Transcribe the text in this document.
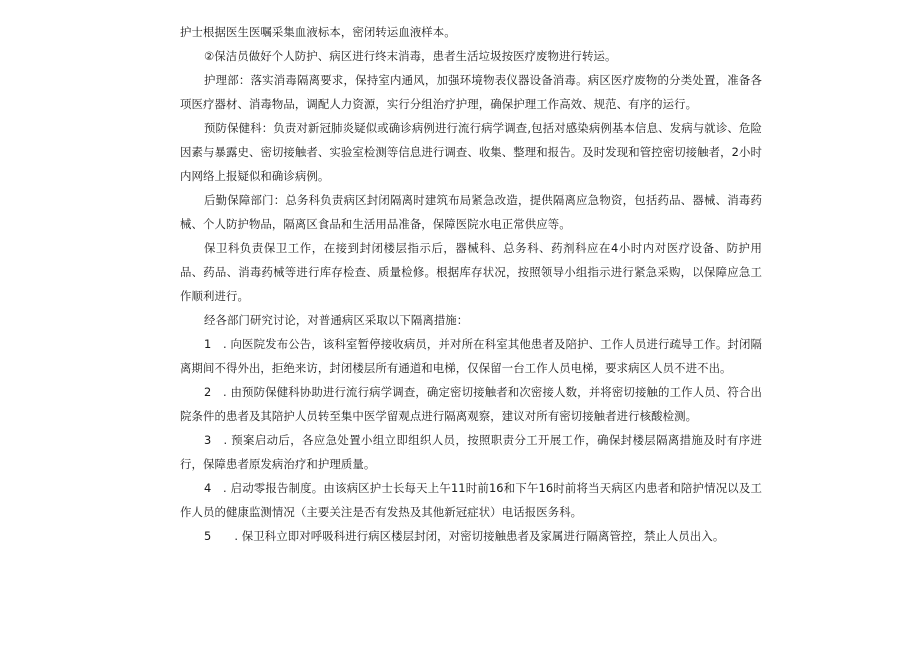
护士根据医生医嘱采集血液标本，密闭转运血液样本。

②保洁员做好个人防护、病区进行终末消毒，患者生活垃圾按医疗废物进行转运。

护理部：落实消毒隔离要求，保持室内通风，加强环境物表仪器设备消毒。病区医疗废物的分类处置，准备各项医疗器材、消毒物品，调配人力资源，实行分组治疗护理，确保护理工作高效、规范、有序的运行。

预防保健科：负责对新冠肺炎疑似或确诊病例进行流行病学调查,包括对感染病例基本信息、发病与就诊、危险因素与暴露史、密切接触者、实验室检测等信息进行调查、收集、整理和报告。及时发现和管控密切接触者，2小时内网络上报疑似和确诊病例。

后勤保障部门：总务科负责病区封闭隔离时建筑布局紧急改造，提供隔离应急物资，包括药品、器械、消毒药械、个人防护物品，隔离区食品和生活用品准备，保障医院水电正常供应等。

保卫科负责保卫工作，在接到封闭楼层指示后，器械科、总务科、药剂科应在4小时内对医疗设备、防护用品、药品、消毒药械等进行库存检查、质量检修。根据库存状况，按照领导小组指示进行紧急采购，以保障应急工作顺利进行。

经各部门研究讨论，对普通病区采取以下隔离措施：

1　. 向医院发布公告，该科室暂停接收病员，并对所在科室其他患者及陪护、工作人员进行疏导工作。封闭隔离期间不得外出，拒绝来访，封闭楼层所有通道和电梯，仅保留一台工作人员电梯，要求病区人员不进不出。

2　. 由预防保健科协助进行流行病学调查，确定密切接触者和次密接人数，并将密切接触的工作人员、符合出院条件的患者及其陪护人员转至集中医学留观点进行隔离观察，建议对所有密切接触者进行核酸检测。

3　. 预案启动后，各应急处置小组立即组织人员，按照职责分工开展工作，确保封楼层隔离措施及时有序进行，保障患者原发病治疗和护理质量。

4　. 启动零报告制度。由该病区护士长每天上午11时前16和下午16时前将当天病区内患者和陪护情况以及工作人员的健康监测情况（主要关注是否有发热及其他新冠症状）电话报医务科。

5　　. 保卫科立即对呼吸科进行病区楼层封闭，对密切接触患者及家属进行隔离管控，禁止人员出入。
